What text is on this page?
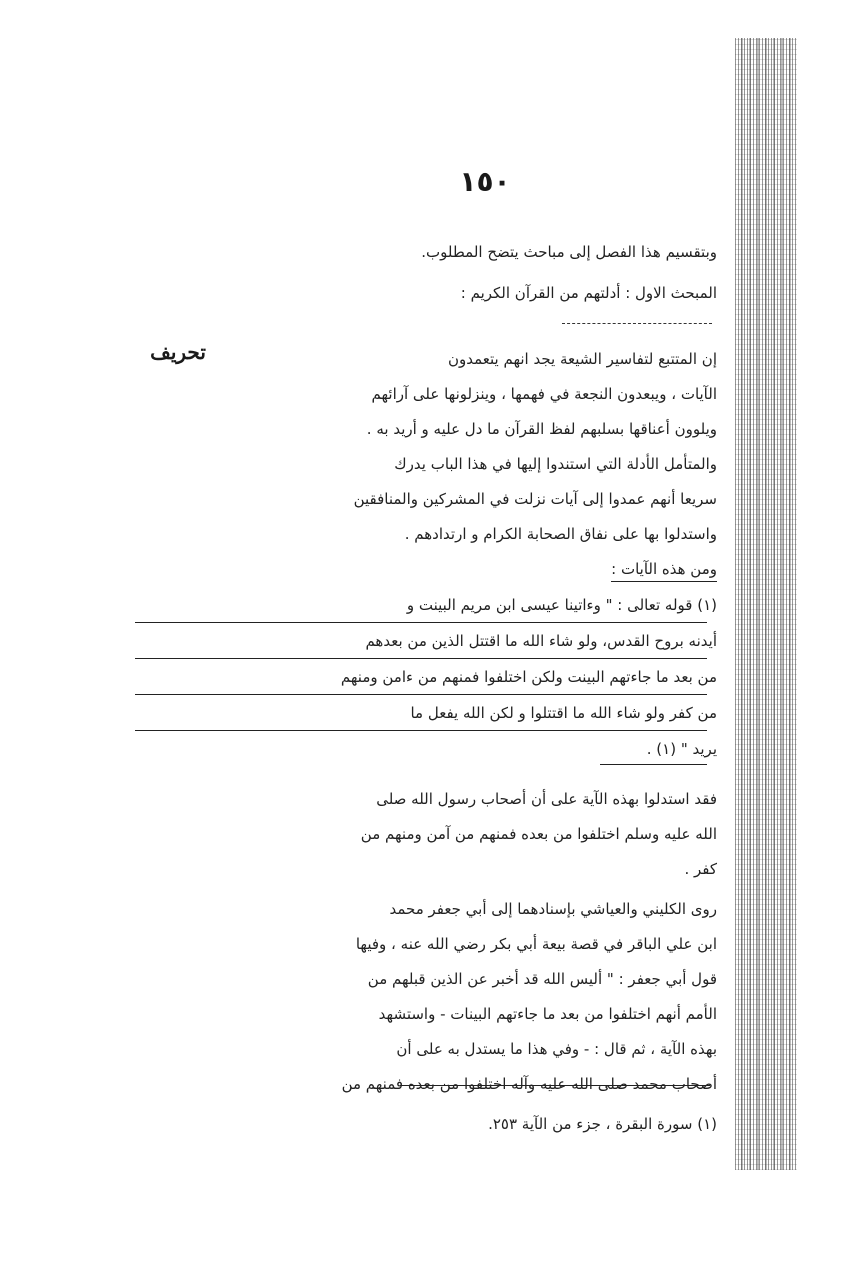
١٥٠
وبتقسيم هذا الفصل إلى مباحث يتضح المطلوب.
المبحث الاول : أدلتهم من القرآن الكريم :
تحريف	إن المتتبع لتفاسير الشيعة يجد انهم يتعمدون
الآيات ، ويبعدون النجعة في فهمها ، وينزلونها على آرائهم
ويلوون أعناقها بسلبهم لفظ القرآن ما دل عليه و أريد به .
والمتأمل الأدلة التي استندوا إليها في هذا الباب يدرك
سريعا أنهم عمدوا إلى آيات نزلت في المشركين والمنافقين
واستدلوا بها على نفاق الصحابة الكرام و ارتدادهم .
ومن هذه الآيات :
(١) قوله تعالى : " وءاتينا عيسى ابن مريم البينت و
أيدنه بروح القدس، ولو شاء الله ما اقتتل الذين من بعدهم
من بعد ما جاءتهم البينت ولكن اختلفوا فمنهم من ءامن ومنهم
من كفر ولو شاء الله ما اقتتلوا و لكن الله يفعل ما
يريد " (١) .
فقد استدلوا بهذه الآية على أن أصحاب رسول الله صلى
الله عليه وسلم اختلفوا من بعده فمنهم من آمن ومنهم من
كفر .
روى الكليني والعياشي بإسنادهما إلى أبي جعفر محمد
ابن علي الباقر في قصة بيعة أبي بكر رضي الله عنه ، وفيها
قول أبي جعفر : " أليس الله قد أخبر عن الذين قبلهم من
الأمم أنهم اختلفوا من بعد ما جاءتهم البينات - واستشهد
بهذه الآية ، ثم قال : - وفي هذا ما يستدل به على أن
أصحاب محمد صلى الله عليه وآله اختلفوا من بعده فمنهم من
(١) سورة البقرة ، جزء من الآية ٢٥٣.
